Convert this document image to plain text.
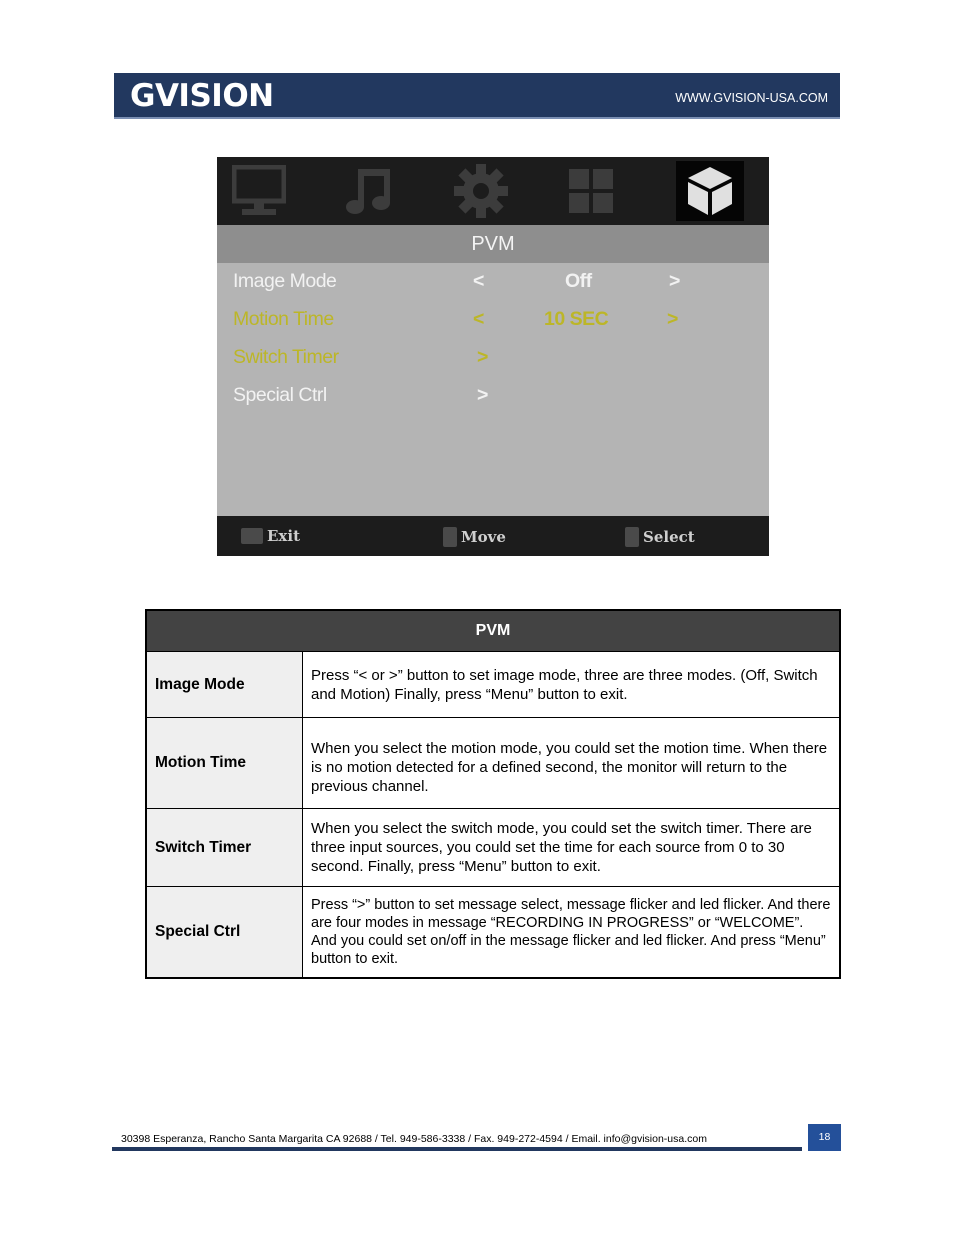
GVISION	WWW.GVISION-USA.COM
PVM
Image Mode	<	Off	>
Motion Time	<	10 SEC	>
Switch Timer	>
Special Ctrl	>
Exit	Move	Select
PVM	
Image Mode	Press “< or >” button to set image mode, three are three modes. (Off, Switch and Motion) Finally, press “Menu” button to exit.
Motion Time	When you select the motion mode, you could set the motion time. When there is no motion detected for a defined second, the monitor will return to the previous channel.
Switch Timer	When you select the switch mode, you could set the switch timer. There are three input sources, you could set the time for each source from 0 to 30 second. Finally, press “Menu” button to exit.
Special Ctrl	Press “>” button to set message select, message flicker and led flicker. And there are four modes in message “RECORDING IN PROGRESS” or “WELCOME”. And you could set on/off in the message flicker and led flicker. And press “Menu” button to exit.
30398 Esperanza, Rancho Santa Margarita CA 92688 / Tel. 949-586-3338 / Fax. 949-272-4594 / Email. info@gvision-usa.com	18
